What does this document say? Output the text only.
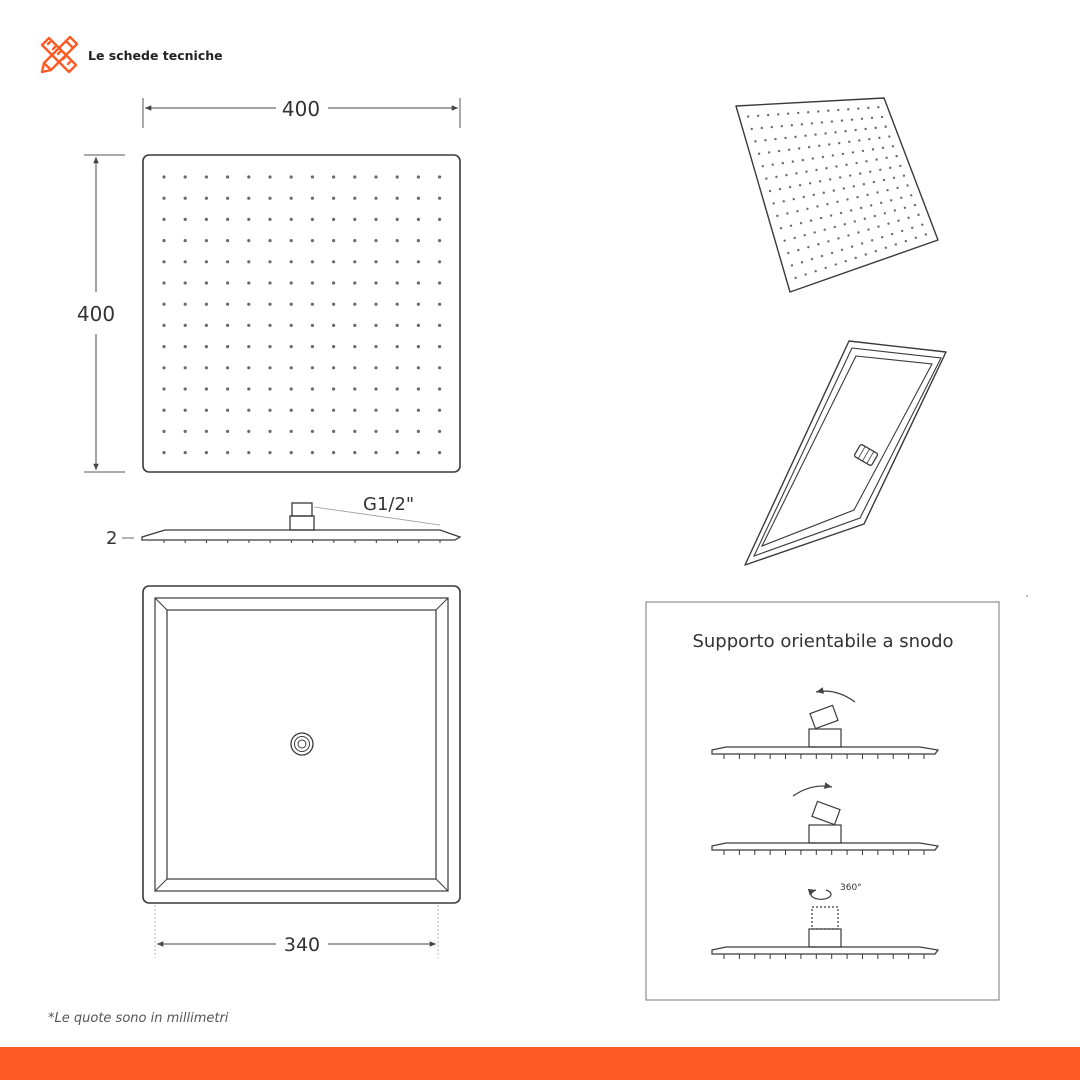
Le schede tecniche
400
400
G1/2"
2
340
Supporto orientabile a snodo
360°
*Le quote sono in millimetri
